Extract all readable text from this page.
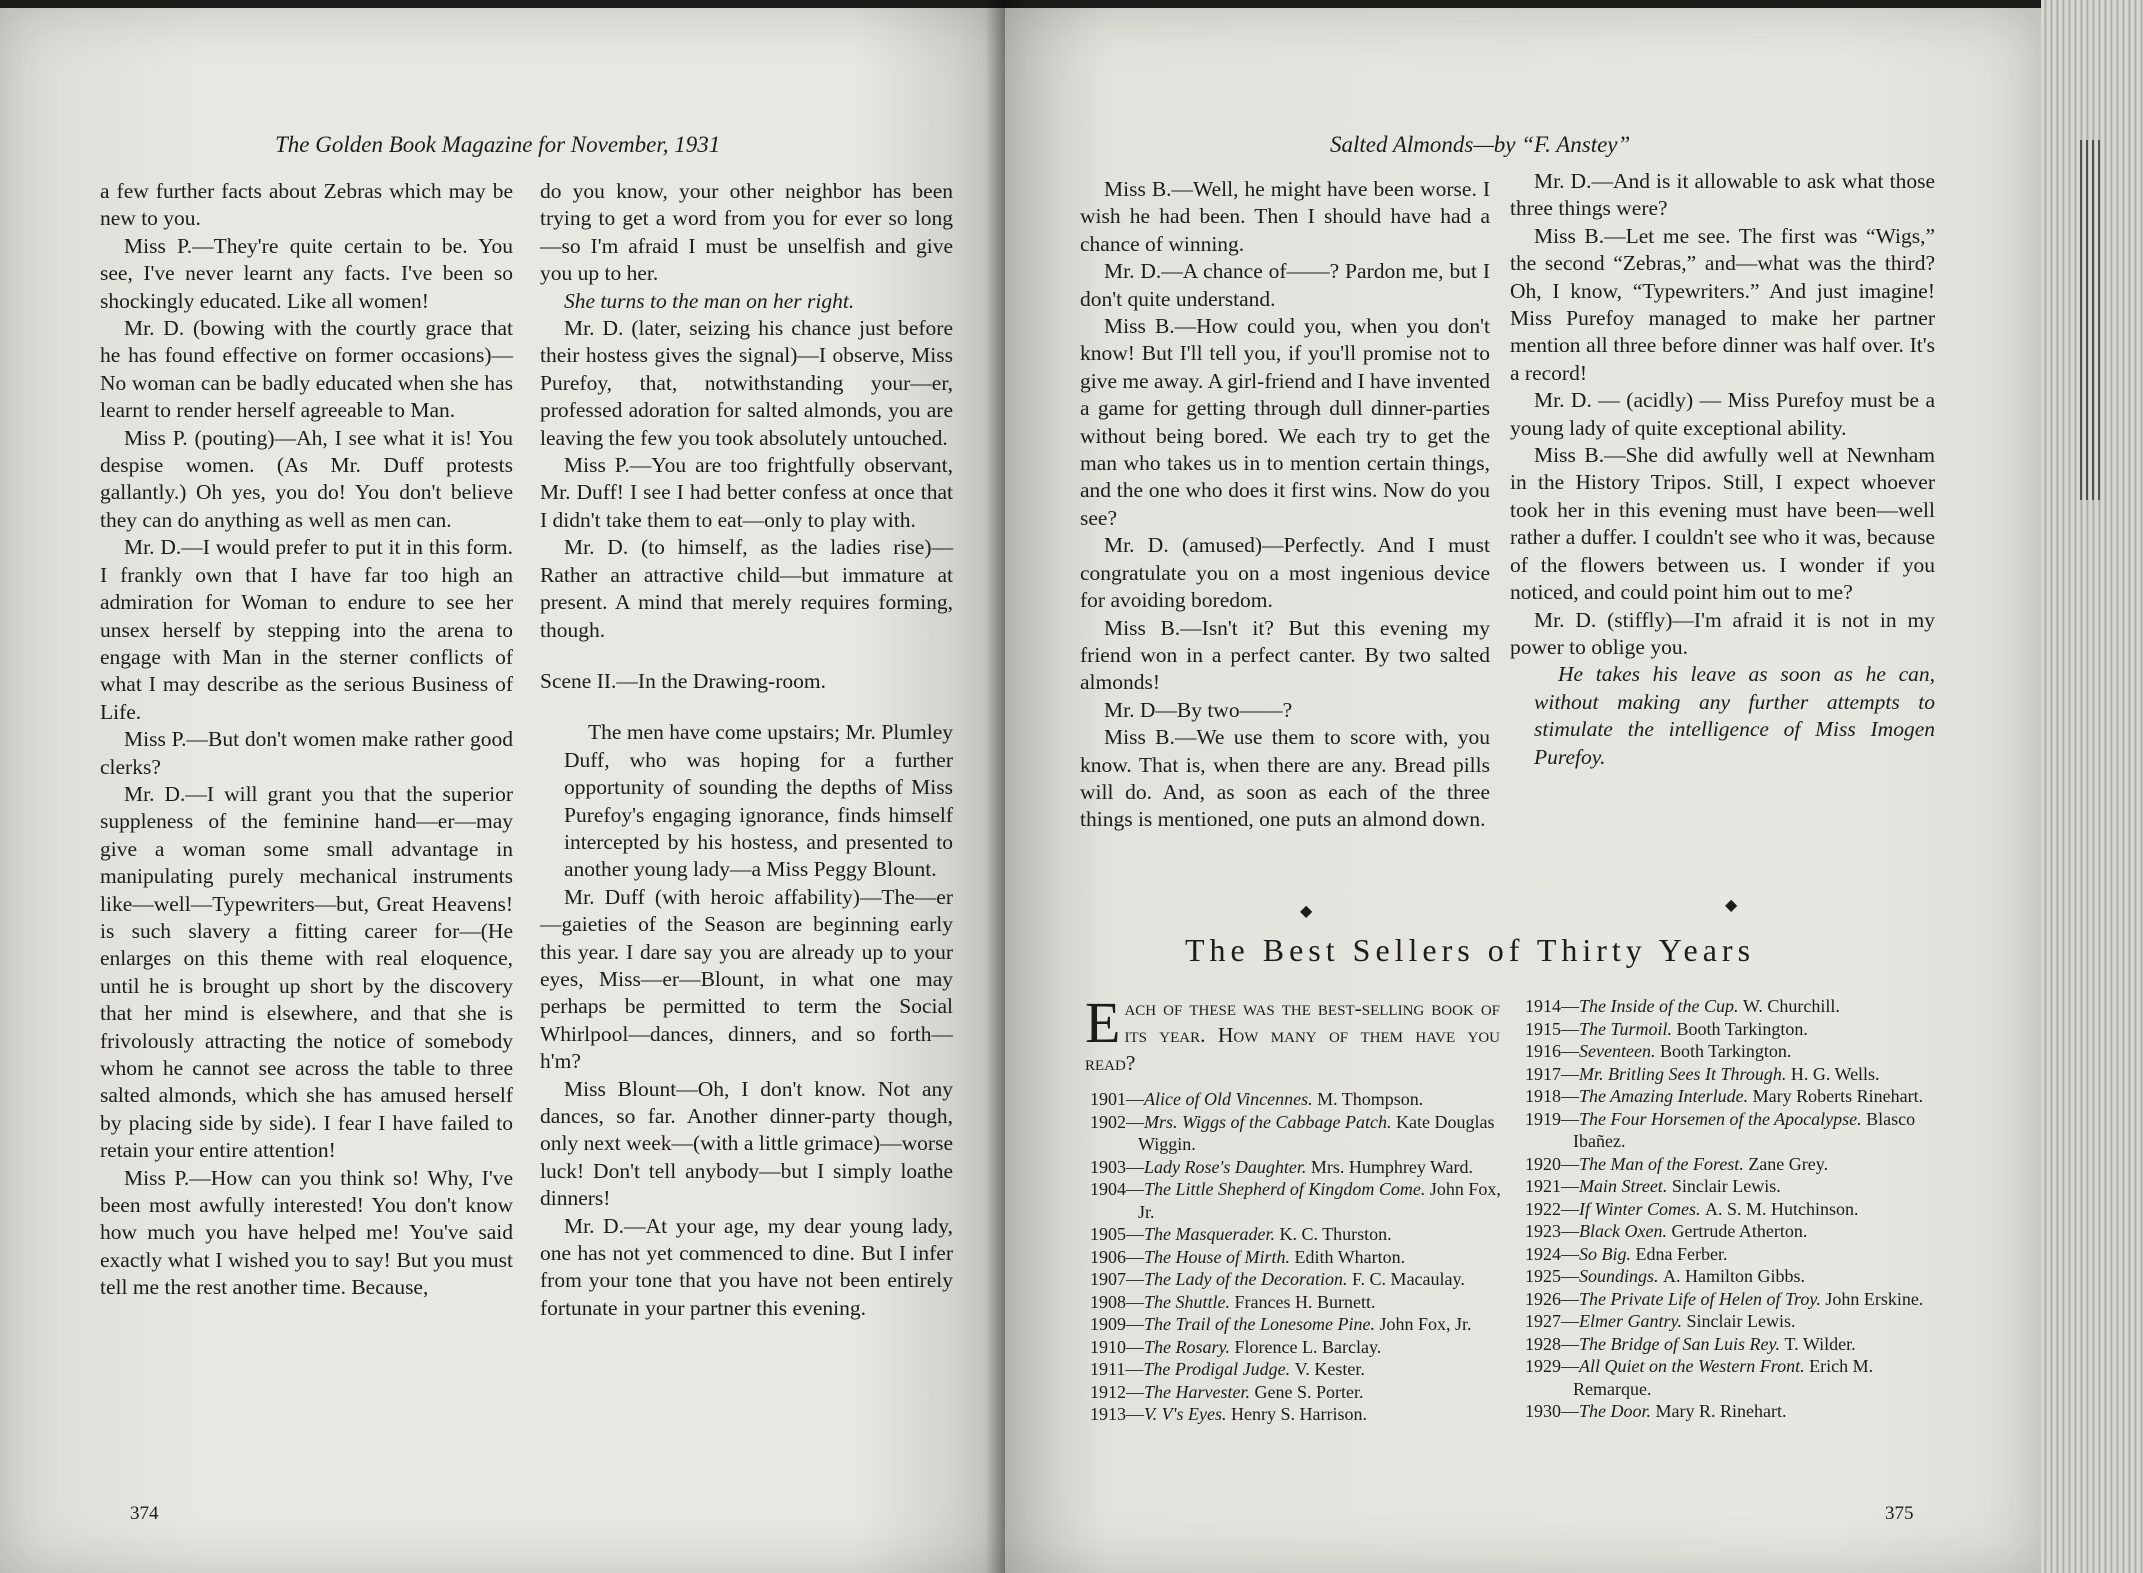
The Golden Book Magazine for November, 1931

a few further facts about Zebras which may be new to you.

Miss P.—They're quite certain to be. You see, I've never learnt any facts. I've been so shockingly educated. Like all women!

Mr. D. (bowing with the courtly grace that he has found effective on former occasions)—No woman can be badly educated when she has learnt to render herself agreeable to Man.

Miss P. (pouting)—Ah, I see what it is! You despise women. (As Mr. Duff protests gallantly.) Oh yes, you do! You don't believe they can do anything as well as men can.

Mr. D.—I would prefer to put it in this form. I frankly own that I have far too high an admiration for Woman to endure to see her unsex herself by stepping into the arena to engage with Man in the sterner conflicts of what I may describe as the serious Business of Life.

Miss P.—But don't women make rather good clerks?

Mr. D.—I will grant you that the superior suppleness of the feminine hand—er—may give a woman some small advantage in manipulating purely mechanical instruments like—well—Typewriters—but, Great Heavens! is such slavery a fitting career for—(He enlarges on this theme with real eloquence, until he is brought up short by the discovery that her mind is elsewhere, and that she is frivolously attracting the notice of somebody whom he cannot see across the table to three salted almonds, which she has amused herself by placing side by side). I fear I have failed to retain your entire attention!

Miss P.—How can you think so! Why, I've been most awfully interested! You don't know how much you have helped me! You've said exactly what I wished you to say! But you must tell me the rest another time. Because,

do you know, your other neighbor has been trying to get a word from you for ever so long—so I'm afraid I must be unselfish and give you up to her.

She turns to the man on her right.

Mr. D. (later, seizing his chance just before their hostess gives the signal)—I observe, Miss Purefoy, that, notwithstanding your—er, professed adoration for salted almonds, you are leaving the few you took absolutely untouched.

Miss P.—You are too frightfully observant, Mr. Duff! I see I had better confess at once that I didn't take them to eat—only to play with.

Mr. D. (to himself, as the ladies rise)—Rather an attractive child—but immature at present. A mind that merely requires forming, though.

Scene II.—In the Drawing-room.

The men have come upstairs; Mr. Plumley Duff, who was hoping for a further opportunity of sounding the depths of Miss Purefoy's engaging ignorance, finds himself intercepted by his hostess, and presented to another young lady—a Miss Peggy Blount.

Mr. Duff (with heroic affability)—The—er—gaieties of the Season are beginning early this year. I dare say you are already up to your eyes, Miss—er—Blount, in what one may perhaps be permitted to term the Social Whirlpool—dances, dinners, and so forth—h'm?

Miss Blount—Oh, I don't know. Not any dances, so far. Another dinner-party though, only next week—(with a little grimace)—worse luck! Don't tell anybody—but I simply loathe dinners!

Mr. D.—At your age, my dear young lady, one has not yet commenced to dine. But I infer from your tone that you have not been entirely fortunate in your partner this evening.

374
Salted Almonds—by “F. Anstey”

Miss B.—Well, he might have been worse. I wish he had been. Then I should have had a chance of winning.

Mr. D.—A chance of——? Pardon me, but I don't quite understand.

Miss B.—How could you, when you don't know! But I'll tell you, if you'll promise not to give me away. A girl-friend and I have invented a game for getting through dull dinner-parties without being bored. We each try to get the man who takes us in to mention certain things, and the one who does it first wins. Now do you see?

Mr. D. (amused)—Perfectly. And I must congratulate you on a most ingenious device for avoiding boredom.

Miss B.—Isn't it? But this evening my friend won in a perfect canter. By two salted almonds!

Mr. D—By two——?

Miss B.—We use them to score with, you know. That is, when there are any. Bread pills will do. And, as soon as each of the three things is mentioned, one puts an almond down.

Mr. D.—And is it allowable to ask what those three things were?

Miss B.—Let me see. The first was “Wigs,” the second “Zebras,” and—what was the third? Oh, I know, “Typewriters.” And just imagine! Miss Purefoy managed to make her partner mention all three before dinner was half over. It's a record!

Mr. D. — (acidly) — Miss Purefoy must be a young lady of quite exceptional ability.

Miss B.—She did awfully well at Newnham in the History Tripos. Still, I expect whoever took her in this evening must have been—well rather a duffer. I couldn't see who it was, because of the flowers between us. I wonder if you noticed, and could point him out to me?

Mr. D. (stiffly)—I'm afraid it is not in my power to oblige you.

He takes his leave as soon as he can, without making any further attempts to stimulate the intelligence of Miss Imogen Purefoy.

◆	◆
375
The Best Sellers of Thirty Years
Each of these was the best-selling book of its year. How many of them have you read?

1901—Alice of Old Vincennes. M. Thompson.

1902—Mrs. Wiggs of the Cabbage Patch. Kate Douglas Wiggin.

1903—Lady Rose's Daughter. Mrs. Humphrey Ward.

1904—The Little Shepherd of Kingdom Come. John Fox, Jr.

1905—The Masquerader. K. C. Thurston.

1906—The House of Mirth. Edith Wharton.

1907—The Lady of the Decoration. F. C. Macaulay.

1908—The Shuttle. Frances H. Burnett.

1909—The Trail of the Lonesome Pine. John Fox, Jr.

1910—The Rosary. Florence L. Barclay.

1911—The Prodigal Judge. V. Kester.

1912—The Harvester. Gene S. Porter.

1913—V. V's Eyes. Henry S. Harrison.

1914—The Inside of the Cup. W. Churchill.

1915—The Turmoil. Booth Tarkington.

1916—Seventeen. Booth Tarkington.

1917—Mr. Britling Sees It Through. H. G. Wells.

1918—The Amazing Interlude. Mary Roberts Rinehart.

1919—The Four Horsemen of the Apocalypse. Blasco Ibañez.

1920—The Man of the Forest. Zane Grey.

1921—Main Street. Sinclair Lewis.

1922—If Winter Comes. A. S. M. Hutchinson.

1923—Black Oxen. Gertrude Atherton.

1924—So Big. Edna Ferber.

1925—Soundings. A. Hamilton Gibbs.

1926—The Private Life of Helen of Troy. John Erskine.

1927—Elmer Gantry. Sinclair Lewis.

1928—The Bridge of San Luis Rey. T. Wilder.

1929—All Quiet on the Western Front. Erich M. Remarque.

1930—The Door. Mary R. Rinehart.
